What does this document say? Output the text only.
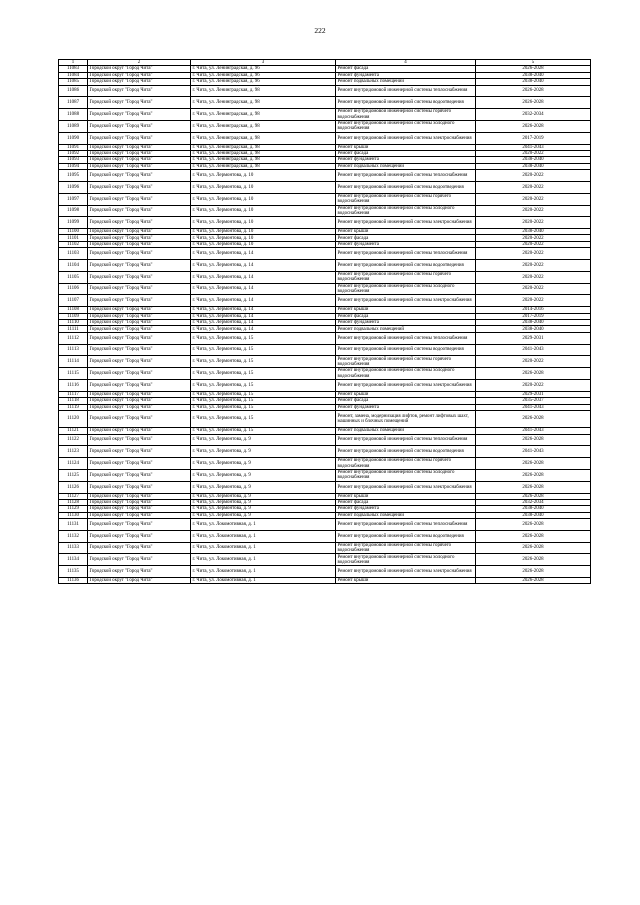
222
1	2	3	4	5
11083	Городской округ "Город Чита"	г. Чита, ул. Ленинградская, д. 96	Ремонт фасада	2026-2028
11084	Городской округ "Город Чита"	г. Чита, ул. Ленинградская, д. 96	Ремонт фундамента	2038-2040
11085	Городской округ "Город Чита"	г. Чита, ул. Ленинградская, д. 96	Ремонт подвальных помещений	2038-2040
11086	Городской округ "Город Чита"	г. Чита, ул. Ленинградская, д. 98	Ремонт внутридомовой инженерной системы теплоснабжения	2026-2028
11087	Городской округ "Город Чита"	г. Чита, ул. Ленинградская, д. 98	Ремонт внутридомовой инженерной системы водоотведения	2026-2028
11088	Городской округ "Город Чита"	г. Чита, ул. Ленинградская, д. 98	Ремонт внутридомовой инженерной системы горячего водоснабжения	2032-2034
11089	Городской округ "Город Чита"	г. Чита, ул. Ленинградская, д. 98	Ремонт внутридомовой инженерной системы холодного водоснабжения	2026-2028
11090	Городской округ "Город Чита"	г. Чита, ул. Ленинградская, д. 98	Ремонт внутридомовой инженерной системы электроснабжения	2017-2019
11091	Городской округ "Город Чита"	г. Чита, ул. Ленинградская, д. 98	Ремонт крыши	2041-2043
11092	Городской округ "Город Чита"	г. Чита, ул. Ленинградская, д. 98	Ремонт фасада	2020-2022
11093	Городской округ "Город Чита"	г. Чита, ул. Ленинградская, д. 98	Ремонт фундамента	2038-2040
11094	Городской округ "Город Чита"	г. Чита, ул. Ленинградская, д. 98	Ремонт подвальных помещений	2038-2040
11095	Городской округ "Город Чита"	г. Чита, ул. Лермонтова, д. 10	Ремонт внутридомовой инженерной системы теплоснабжения	2020-2022
11096	Городской округ "Город Чита"	г. Чита, ул. Лермонтова, д. 10	Ремонт внутридомовой инженерной системы водоотведения	2020-2022
11097	Городской округ "Город Чита"	г. Чита, ул. Лермонтова, д. 10	Ремонт внутридомовой инженерной системы горячего водоснабжения	2020-2022
11098	Городской округ "Город Чита"	г. Чита, ул. Лермонтова, д. 10	Ремонт внутридомовой инженерной системы холодного водоснабжения	2020-2022
11099	Городской округ "Город Чита"	г. Чита, ул. Лермонтова, д. 10	Ремонт внутридомовой инженерной системы электроснабжения	2020-2022
11100	Городской округ "Город Чита"	г. Чита, ул. Лермонтова, д. 10	Ремонт крыши	2038-2040
11101	Городской округ "Город Чита"	г. Чита, ул. Лермонтова, д. 10	Ремонт фасада	2020-2022
11102	Городской округ "Город Чита"	г. Чита, ул. Лермонтова, д. 10	Ремонт фундамента	2020-2022
11103	Городской округ "Город Чита"	г. Чита, ул. Лермонтова, д. 14	Ремонт внутридомовой инженерной системы теплоснабжения	2020-2022
11104	Городской округ "Город Чита"	г. Чита, ул. Лермонтова, д. 14	Ремонт внутридомовой инженерной системы водоотведения	2020-2022
11105	Городской округ "Город Чита"	г. Чита, ул. Лермонтова, д. 14	Ремонт внутридомовой инженерной системы горячего водоснабжения	2020-2022
11106	Городской округ "Город Чита"	г. Чита, ул. Лермонтова, д. 14	Ремонт внутридомовой инженерной системы холодного водоснабжения	2020-2022
11107	Городской округ "Город Чита"	г. Чита, ул. Лермонтова, д. 14	Ремонт внутридомовой инженерной системы электроснабжения	2020-2022
11108	Городской округ "Город Чита"	г. Чита, ул. Лермонтова, д. 14	Ремонт крыши	2014-2016
11109	Городской округ "Город Чита"	г. Чита, ул. Лермонтова, д. 14	Ремонт фасада	2017-2019
11110	Городской округ "Город Чита"	г. Чита, ул. Лермонтова, д. 14	Ремонт фундамента	2038-2040
11111	Городской округ "Город Чита"	г. Чита, ул. Лермонтова, д. 14	Ремонт подвальных помещений	2038-2040
11112	Городской округ "Город Чита"	г. Чита, ул. Лермонтова, д. 15	Ремонт внутридомовой инженерной системы теплоснабжения	2029-2031
11113	Городской округ "Город Чита"	г. Чита, ул. Лермонтова, д. 15	Ремонт внутридомовой инженерной системы водоотведения	2041-2043
11114	Городской округ "Город Чита"	г. Чита, ул. Лермонтова, д. 15	Ремонт внутридомовой инженерной системы горячего водоснабжения	2020-2022
11115	Городской округ "Город Чита"	г. Чита, ул. Лермонтова, д. 15	Ремонт внутридомовой инженерной системы холодного водоснабжения	2026-2028
11116	Городской округ "Город Чита"	г. Чита, ул. Лермонтова, д. 15	Ремонт внутридомовой инженерной системы электроснабжения	2020-2022
11117	Городской округ "Город Чита"	г. Чита, ул. Лермонтова, д. 15	Ремонт крыши	2029-2031
11118	Городской округ "Город Чита"	г. Чита, ул. Лермонтова, д. 15	Ремонт фасада	2035-2037
11119	Городской округ "Город Чита"	г. Чита, ул. Лермонтова, д. 15	Ремонт фундамента	2041-2043
11120	Городской округ "Город Чита"	г. Чита, ул. Лермонтова, д. 15	Ремонт, замена, модернизация лифтов, ремонт лифтовых шахт, машинных и блочных помещений	2026-2028
11121	Городской округ "Город Чита"	г. Чита, ул. Лермонтова, д. 15	Ремонт подвальных помещений	2041-2043
11122	Городской округ "Город Чита"	г. Чита, ул. Лермонтова, д. 9	Ремонт внутридомовой инженерной системы теплоснабжения	2026-2028
11123	Городской округ "Город Чита"	г. Чита, ул. Лермонтова, д. 9	Ремонт внутридомовой инженерной системы водоотведения	2041-2043
11124	Городской округ "Город Чита"	г. Чита, ул. Лермонтова, д. 9	Ремонт внутридомовой инженерной системы горячего водоснабжения	2026-2028
11125	Городской округ "Город Чита"	г. Чита, ул. Лермонтова, д. 9	Ремонт внутридомовой инженерной системы холодного водоснабжения	2026-2028
11126	Городской округ "Город Чита"	г. Чита, ул. Лермонтова, д. 9	Ремонт внутридомовой инженерной системы электроснабжения	2026-2028
11127	Городской округ "Город Чита"	г. Чита, ул. Лермонтова, д. 9	Ремонт крыши	2026-2028
11128	Городской округ "Город Чита"	г. Чита, ул. Лермонтова, д. 9	Ремонт фасада	2032-2034
11129	Городской округ "Город Чита"	г. Чита, ул. Лермонтова, д. 9	Ремонт фундамента	2038-2040
11130	Городской округ "Город Чита"	г. Чита, ул. Лермонтова, д. 9	Ремонт подвальных помещений	2038-2040
11131	Городской округ "Город Чита"	г. Чита, ул. Локомотивная, д. 1	Ремонт внутридомовой инженерной системы теплоснабжения	2026-2028
11132	Городской округ "Город Чита"	г. Чита, ул. Локомотивная, д. 1	Ремонт внутридомовой инженерной системы водоотведения	2026-2028
11133	Городской округ "Город Чита"	г. Чита, ул. Локомотивная, д. 1	Ремонт внутридомовой инженерной системы горячего водоснабжения	2026-2028
11134	Городской округ "Город Чита"	г. Чита, ул. Локомотивная, д. 1	Ремонт внутридомовой инженерной системы холодного водоснабжения	2026-2028
11135	Городской округ "Город Чита"	г. Чита, ул. Локомотивная, д. 1	Ремонт внутридомовой инженерной системы электроснабжения	2026-2028
11136	Городской округ "Город Чита"	г. Чита, ул. Локомотивная, д. 1	Ремонт крыши	2026-2028
